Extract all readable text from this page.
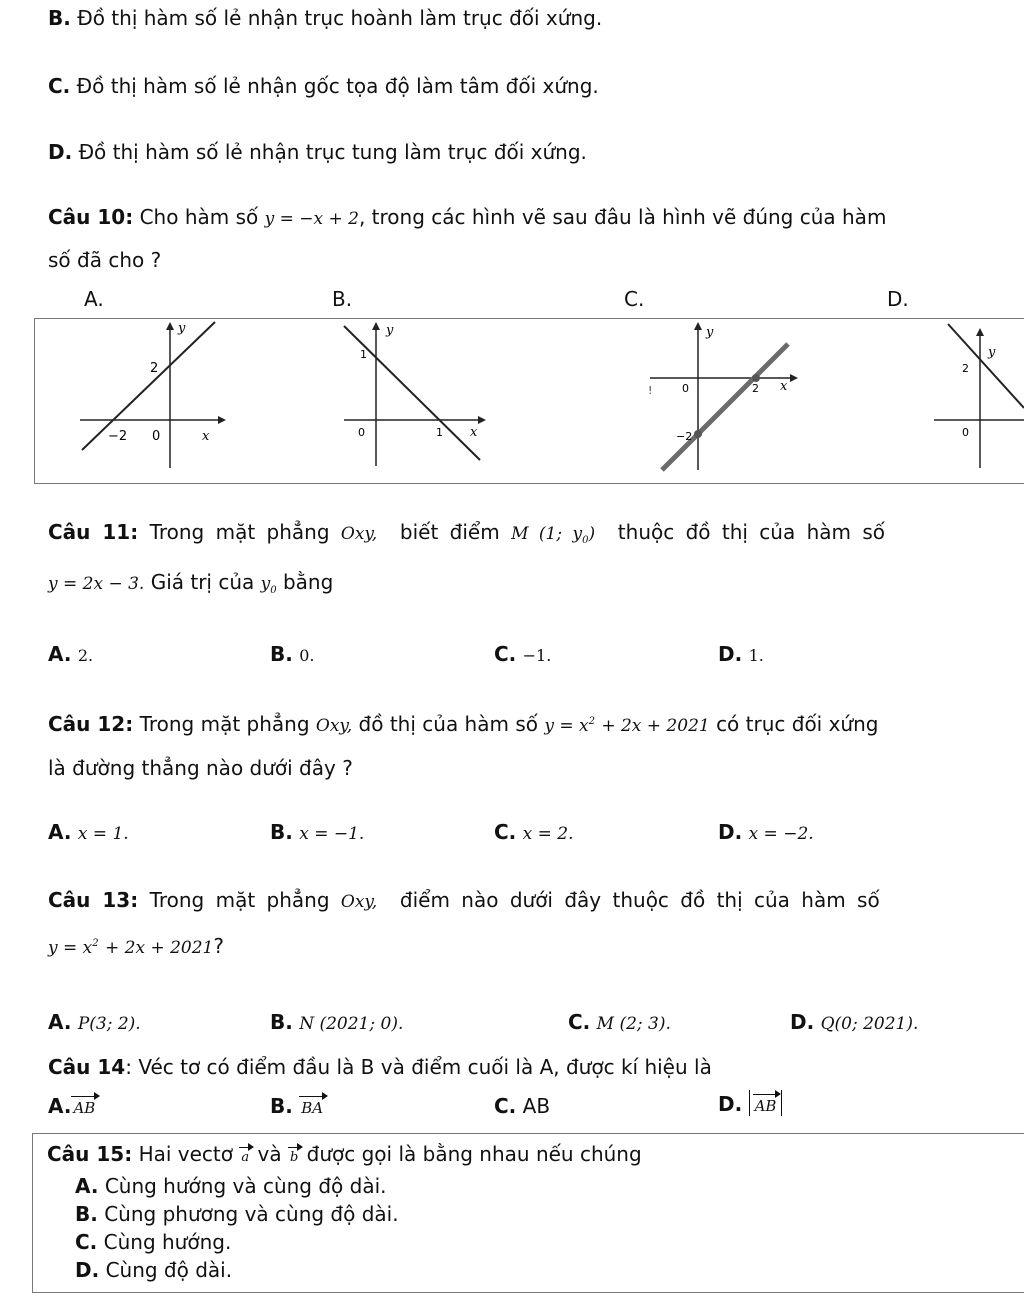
B. Đồ thị hàm số lẻ nhận trục hoành làm trục đối xứng.
C. Đồ thị hàm số lẻ nhận gốc tọa độ làm tâm đối xứng.
D. Đồ thị hàm số lẻ nhận trục tung làm trục đối xứng.
Câu 10: Cho hàm số y = −x + 2, trong các hình vẽ sau đâu là hình vẽ đúng của hàm
số đã cho ?
A.	B.	C.	D.
y
2
−2 0	x
y
1
0	1 x
!
y
0	2 x
−2
y
2
0
Câu 11: Trong mặt phẳng Oxy, biết điểm M (1; $y_0$) thuộc đồ thị của hàm số
y = 2x − 3. Giá trị của $y_0$ bằng
A. 2.	B. 0.	C. −1.	D. 1.
Câu 12: Trong mặt phẳng Oxy, đồ thị của hàm số $y = x^2 + 2x + 2021$ có trục đối xứng
là đường thẳng nào dưới đây ?
A. x = 1.	B. x = −1.	C. x = 2.	D. x = −2.
Câu 13: Trong mặt phẳng Oxy, điểm nào dưới đây thuộc đồ thị của hàm số
$y = x^2 + 2x + 2021$?
A. P(3; 2).	B. N (2021; 0).	C. M (2; 3).	D. Q(0; 2021).
Câu 14: Véc tơ có điểm đầu là B và điểm cuối là A, được kí hiệu là
A. AB	B. BA	C. AB	D. AB
Câu 15: Hai vectơ a và b được gọi là bằng nhau nếu chúng
A. Cùng hướng và cùng độ dài.
B. Cùng phương và cùng độ dài.
C. Cùng hướng.
D. Cùng độ dài.
